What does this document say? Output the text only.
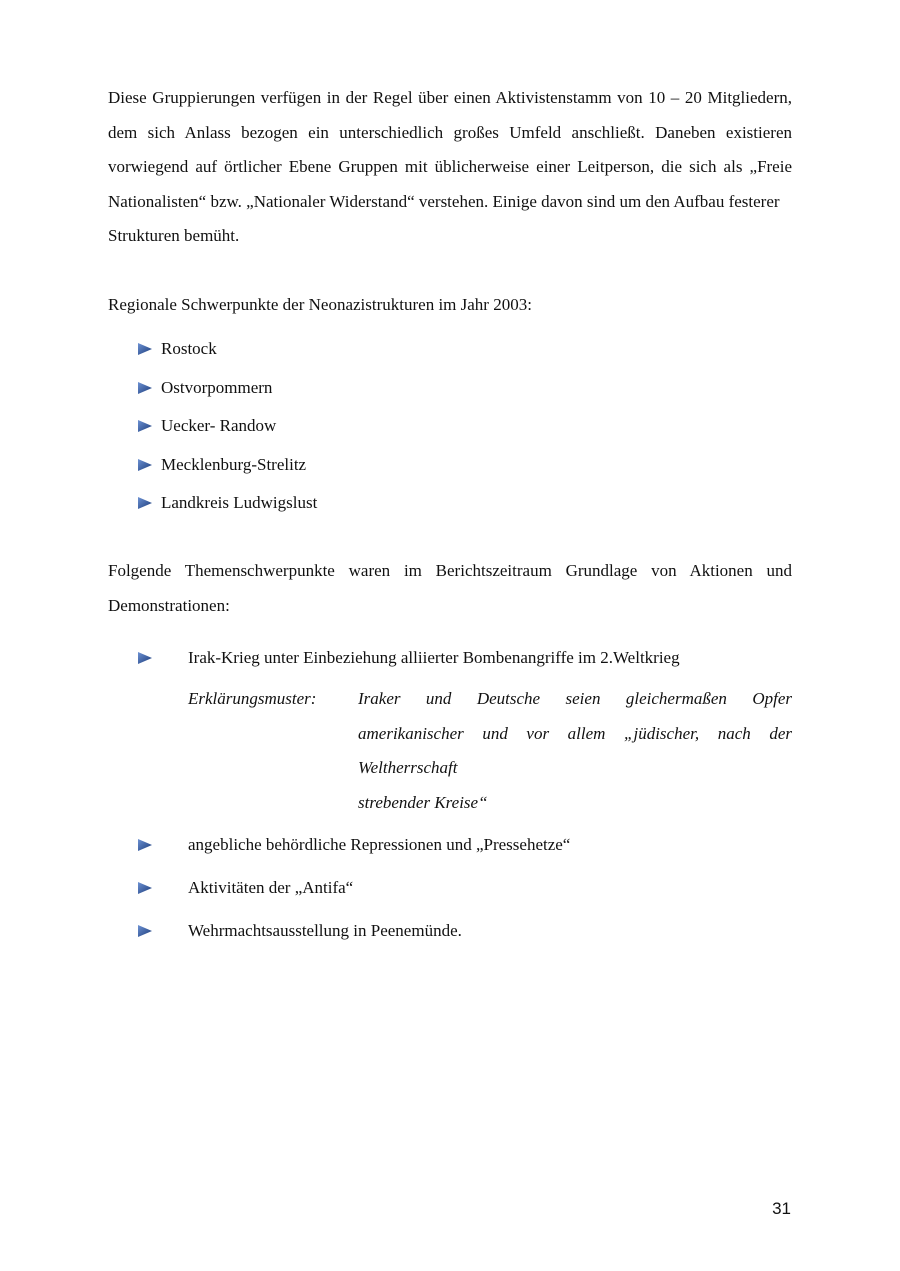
Diese Gruppierungen verfügen in der Regel über einen Aktivistenstamm von 10 – 20 Mitgliedern, dem sich Anlass bezogen ein unterschiedlich großes Umfeld anschließt. Daneben existieren vorwiegend auf örtlicher Ebene Gruppen mit üblicherweise einer Leitperson, die sich als „Freie Nationalisten“ bzw. „Nationaler Widerstand“ verstehen. Einige davon sind um den Aufbau festerer
Strukturen bemüht.

Regionale Schwerpunkte der Neonazistrukturen im Jahr 2003:

Rostock
Ostvorpommern
Uecker- Randow
Mecklenburg-Strelitz
Landkreis Ludwigslust

Folgende Themenschwerpunkte waren im Berichtszeitraum Grundlage von Aktionen und

Demonstrationen:

Irak-Krieg unter Einbeziehung alliierter Bombenangriffe im 2.Weltkrieg
Erklärungsmuster:	Iraker und Deutsche seien gleichermaßen Opfer amerikanischer und vor allem „jüdischer, nach der Weltherrschaft
strebender Kreise“
angebliche behördliche Repressionen und „Pressehetze“
Aktivitäten der „Antifa“
Wehrmachtsausstellung in Peenemünde.
31
